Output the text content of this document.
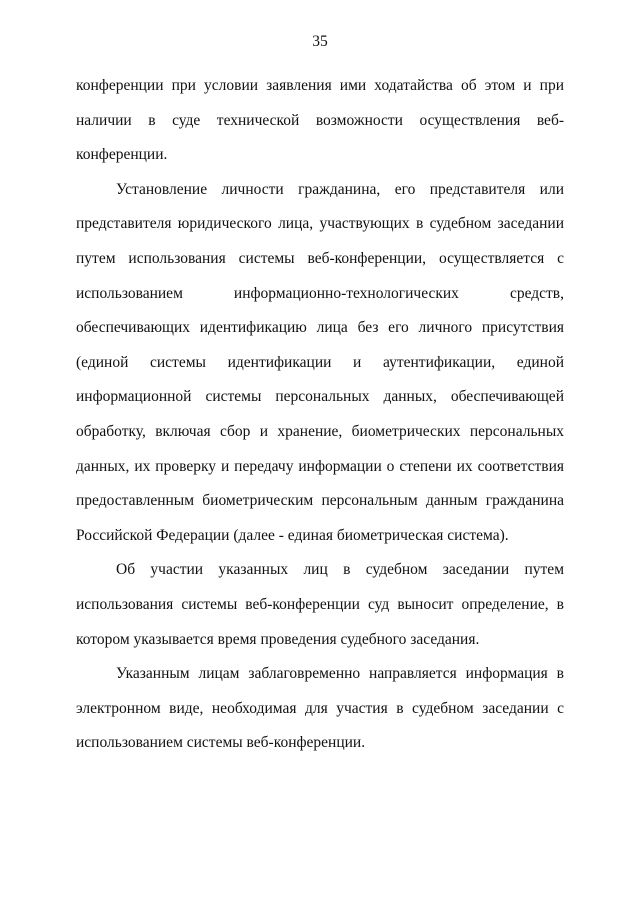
35

конференции при условии заявления ими ходатайства об этом и при наличии в суде технической возможности осуществления веб-конференции.

Установление личности гражданина, его представителя или представителя юридического лица, участвующих в судебном заседании путем использования системы веб-конференции, осуществляется с использованием информационно-технологических средств, обеспечивающих идентификацию лица без его личного присутствия (единой системы идентификации и аутентификации, единой информационной системы персональных данных, обеспечивающей обработку, включая сбор и хранение, биометрических персональных данных, их проверку и передачу информации о степени их соответствия предоставленным биометрическим персональным данным гражданина Российской Федерации (далее - единая биометрическая система).

Об участии указанных лиц в судебном заседании путем использования системы веб-конференции суд выносит определение, в котором указывается время проведения судебного заседания.

Указанным лицам заблаговременно направляется информация в электронном виде, необходимая для участия в судебном заседании с использованием системы веб-конференции.
